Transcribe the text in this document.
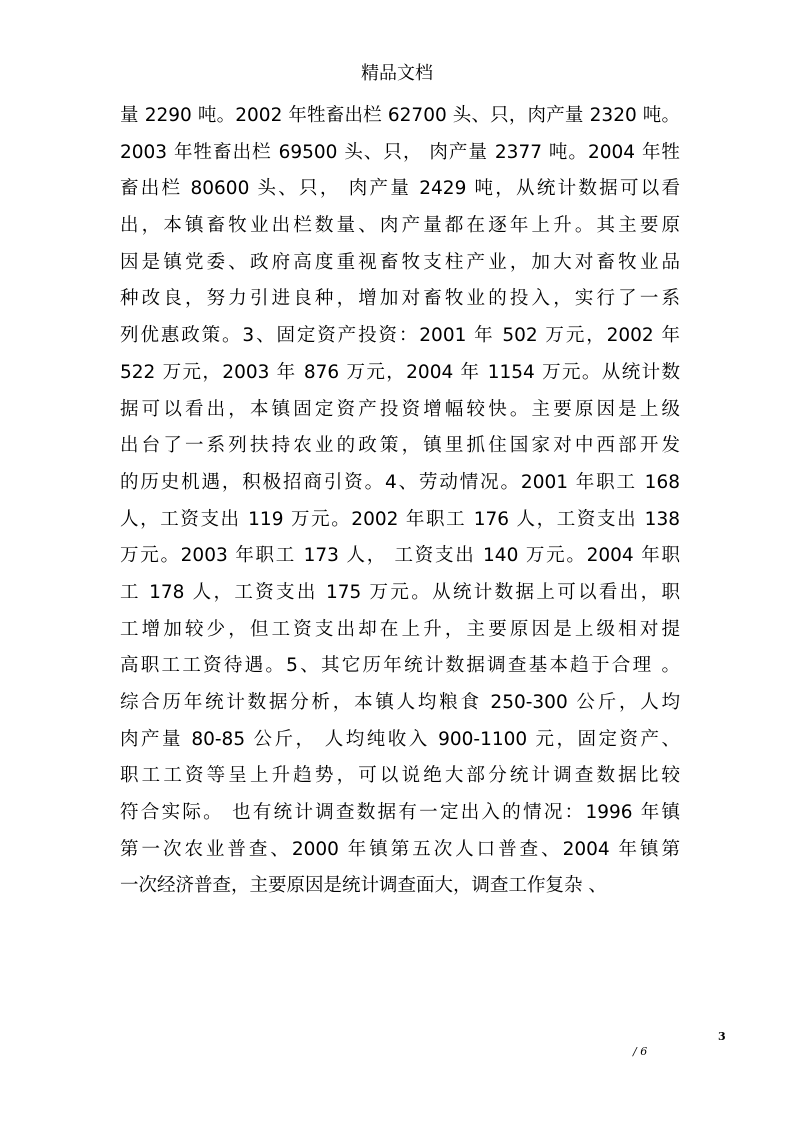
精品文档
量 2290 吨。2002 年牲畜出栏 62700 头、只，肉产量 2320 吨。
2003 年牲畜出栏 69500 头、只， 肉产量 2377 吨。2004 年牲
畜出栏 80600 头、只， 肉产量 2429 吨，从统计数据可以看
出，本镇畜牧业出栏数量、肉产量都在逐年上升。其主要原
因是镇党委、政府高度重视畜牧支柱产业，加大对畜牧业品
种改良，努力引进良种，增加对畜牧业的投入，实行了一系
列优惠政策。3、固定资产投资：2001 年 502 万元，2002 年
522 万元，2003 年 876 万元，2004 年 1154 万元。从统计数
据可以看出，本镇固定资产投资增幅较快。主要原因是上级
出台了一系列扶持农业的政策，镇里抓住国家对中西部开发
的历史机遇，积极招商引资。4、劳动情况。2001 年职工 168
人，工资支出 119 万元。2002 年职工 176 人，工资支出 138
万元。2003 年职工 173 人， 工资支出 140 万元。2004 年职
工 178 人，工资支出 175 万元。从统计数据上可以看出，职
工增加较少，但工资支出却在上升，主要原因是上级相对提
高职工工资待遇。5、其它历年统计数据调查基本趋于合理 。
综合历年统计数据分析，本镇人均粮食 250-300 公斤，人均
肉产量 80-85 公斤， 人均纯收入 900-1100 元，固定资产、
职工工资等呈上升趋势，可以说绝大部分统计调查数据比较
符合实际。 也有统计调查数据有一定出入的情况：1996 年镇
第一次农业普查、2000 年镇第五次人口普查、2004 年镇第
一次经济普查，主要原因是统计调查面大，调查工作复杂 、
3
/ 6
